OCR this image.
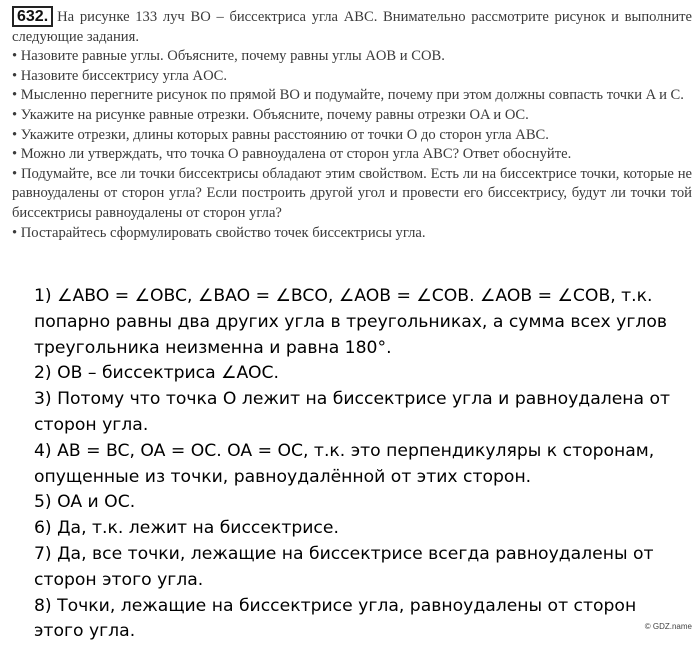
632. На рисунке 133 луч BO – биссектриса угла ABC. Внимательно рассмотрите рисунок и выполните следующие задания.

• Назовите равные углы. Объясните, почему равны углы AOB и COB.

• Назовите биссектрису угла AOC.

• Мысленно перегните рисунок по прямой BO и подумайте, почему при этом должны совпасть точки A и C.

• Укажите на рисунке равные отрезки. Объясните, почему равны отрезки OA и OC.

• Укажите отрезки, длины которых равны расстоянию от точки O до сторон угла ABC.

• Можно ли утверждать, что точка O равноудалена от сторон угла ABC? Ответ обоснуйте.

• Подумайте, все ли точки биссектрисы обладают этим свойством. Есть ли на биссектрисе точки, которые не равноудалены от сторон угла? Если построить другой угол и провести его биссектрису, будут ли точки той биссектрисы равноудалены от сторон угла?

• Постарайтесь сформулировать свойство точек биссектрисы угла.

1) ∠ABO = ∠OBC, ∠BAO = ∠BCO, ∠AOB = ∠COB. ∠AOB = ∠COB, т.к. попарно равны два других угла в треугольниках, а сумма всех углов треугольника неизменна и равна 180°.

2) OB – биссектриса ∠AOC.

3) Потому что точка O лежит на биссектрисе угла и равноудалена от сторон угла.

4) AB = BC, OA = OC. OA = OC, т.к. это перпендикуляры к сторонам, опущенные из точки, равноудалённой от этих сторон.

5) OA и OC.

6) Да, т.к. лежит на биссектрисе.

7) Да, все точки, лежащие на биссектрисе всегда равноудалены от сторон этого угла.

8) Точки, лежащие на биссектрисе угла, равноудалены от сторон этого угла.	© GDZ.name
